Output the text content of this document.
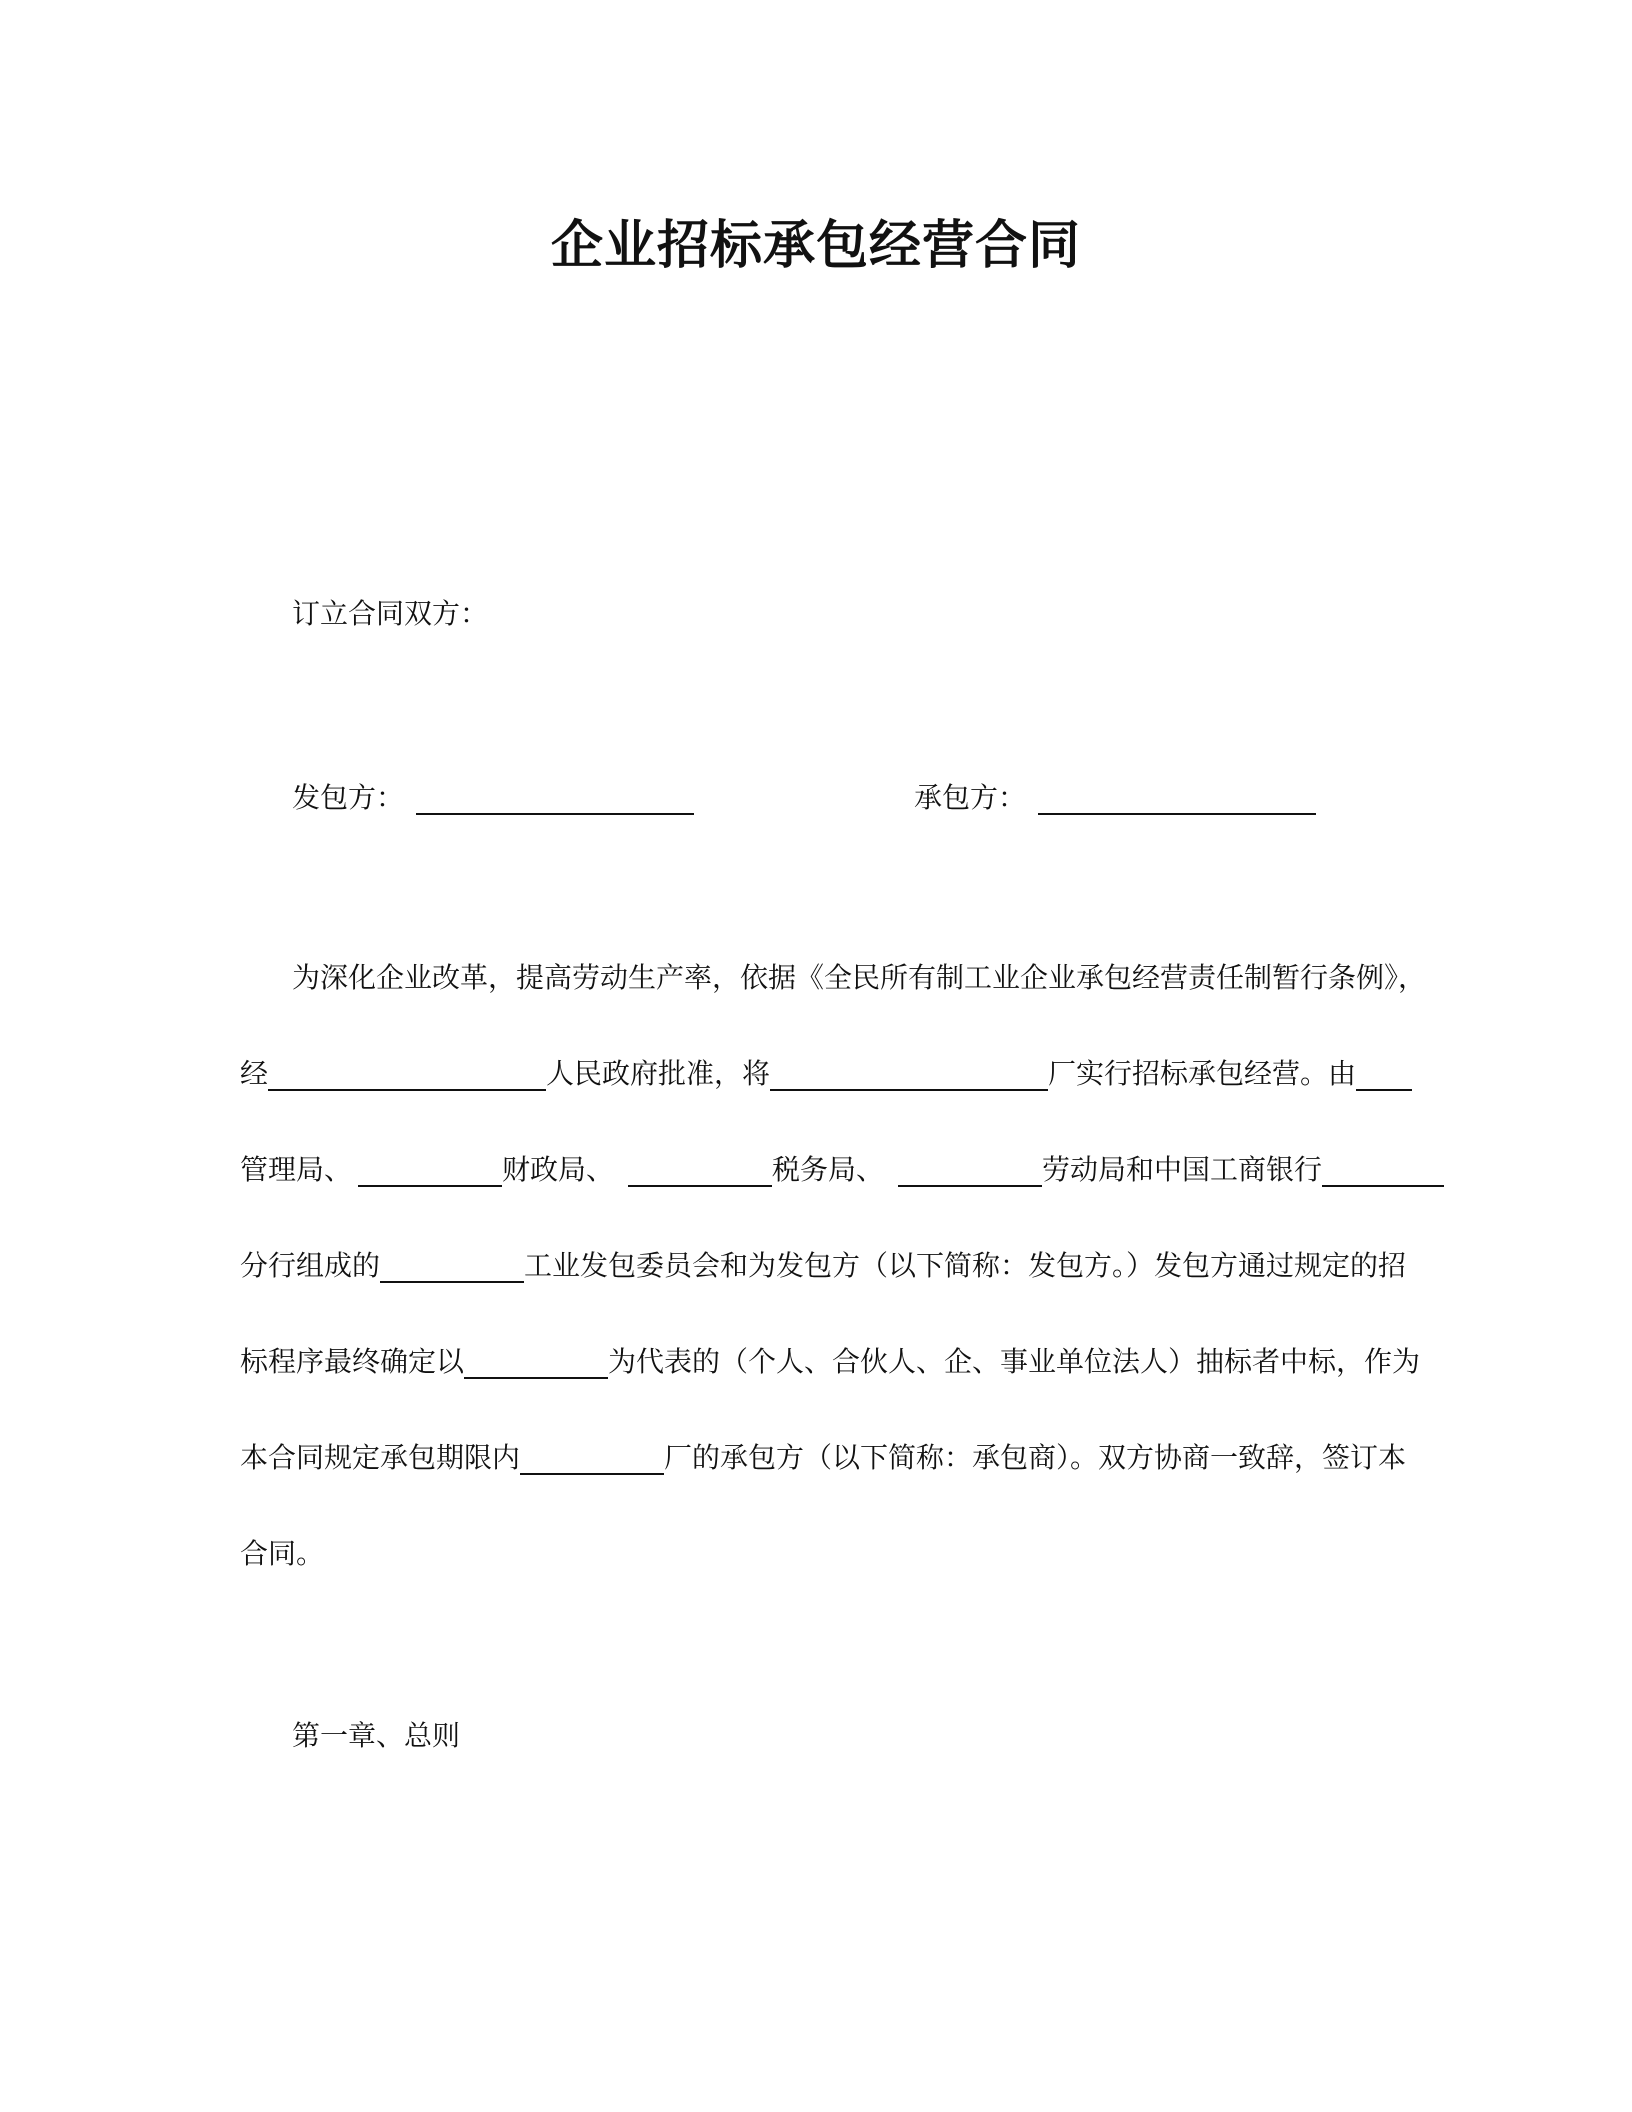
企业招标承包经营合同
订立合同双方：
发包方：	承包方：
为深化企业改革，提高劳动生产率，依据《全民所有制工业企业承包经营责任制暂行条例》，
经	人民政府批准，将	厂实行招标承包经营。由
管理局、	财政局、	税务局、	劳动局和中国工商银行
分行组成的	工业发包委员会和为发包方（以下简称：发包方。）发包方通过规定的招
标程序最终确定以	为代表的（个人、合伙人、企、事业单位法人）抽标者中标，作为
本合同规定承包期限内	厂的承包方（以下简称：承包商）。双方协商一致辞，签订本
合同。
第一章、总则
